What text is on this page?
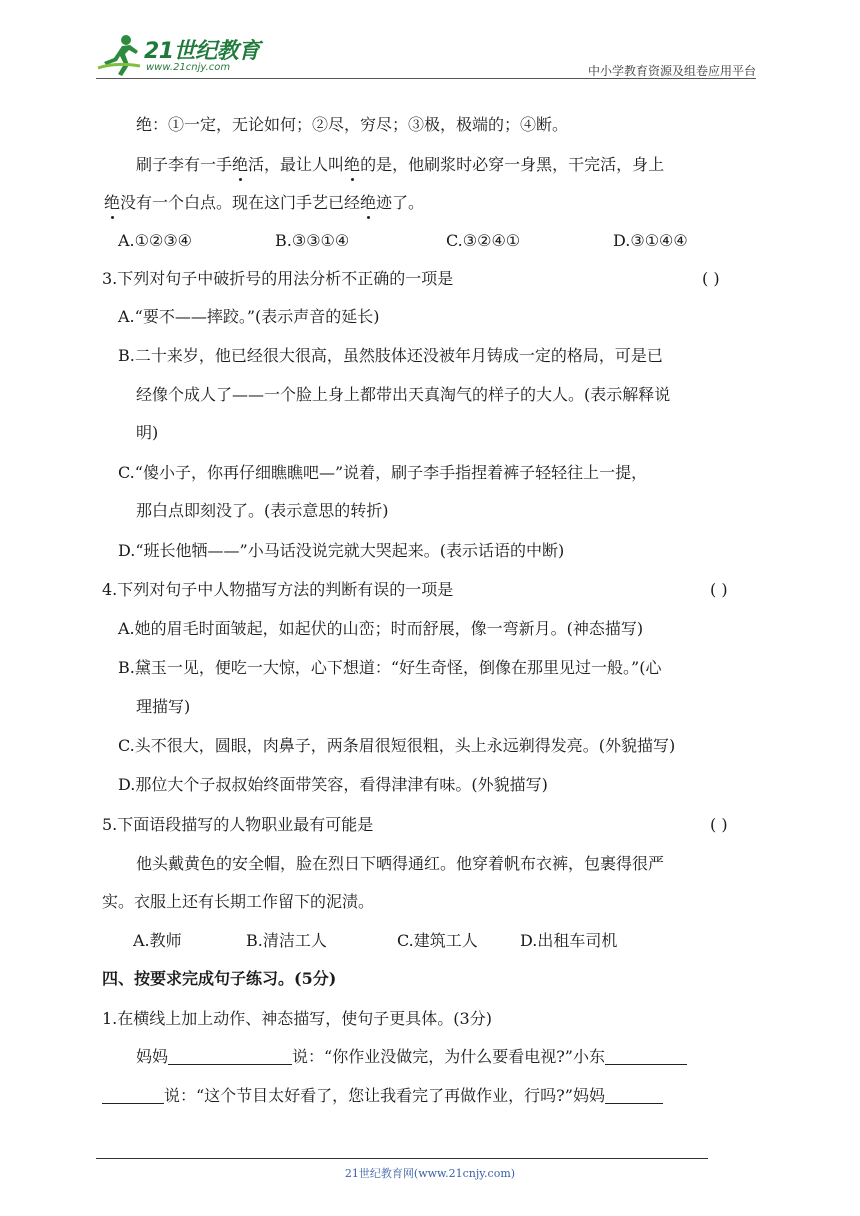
21世纪教育
www.21cnjy.com	中小学教育资源及组卷应用平台
绝：①一定，无论如何；②尽，穷尽；③极，极端的；④断。
刷子李有一手绝活，最让人叫绝的是，他刷浆时必穿一身黑，干完活，身上
绝没有一个白点。现在这门手艺已经绝迹了。
A.①②③④	B.③③①④	C.③②④①	D.③①④④
3.下列对句子中破折号的用法分析不正确的一项是	( )
A.“要不——摔跤。”(表示声音的延长)
B.二十来岁，他已经很大很高，虽然肢体还没被年月铸成一定的格局，可是已
经像个成人了——一个脸上身上都带出天真淘气的样子的大人。(表示解释说
明)
C.“傻小子，你再仔细瞧瞧吧—”说着，刷子李手指捏着裤子轻轻往上一提，
那白点即刻没了。(表示意思的转折)
D.“班长他牺——”小马话没说完就大哭起来。(表示话语的中断)
4.下列对句子中人物描写方法的判断有误的一项是	( )
A.她的眉毛时面皱起，如起伏的山峦；时而舒展，像一弯新月。(神态描写)
B.黛玉一见，便吃一大惊，心下想道：“好生奇怪，倒像在那里见过一般。”(心
理描写)
C.头不很大，圆眼，肉鼻子，两条眉很短很粗，头上永远剃得发亮。(外貌描写)
D.那位大个子叔叔始终面带笑容，看得津津有味。(外貌描写)
5.下面语段描写的人物职业最有可能是	( )
他头戴黄色的安全帽，脸在烈日下晒得通红。他穿着帆布衣裤，包裹得很严
实。衣服上还有长期工作留下的泥渍。
A.教师	B.清洁工人	C.建筑工人	D.出租车司机
四、按要求完成句子练习。(5分)
1.在横线上加上动作、神态描写，使句子更具体。(3分)
妈妈	说：“你作业没做完，为什么要看电视?”小东
说：“这个节目太好看了，您让我看完了再做作业，行吗?”妈妈
21世纪教育网(www.21cnjy.com)
